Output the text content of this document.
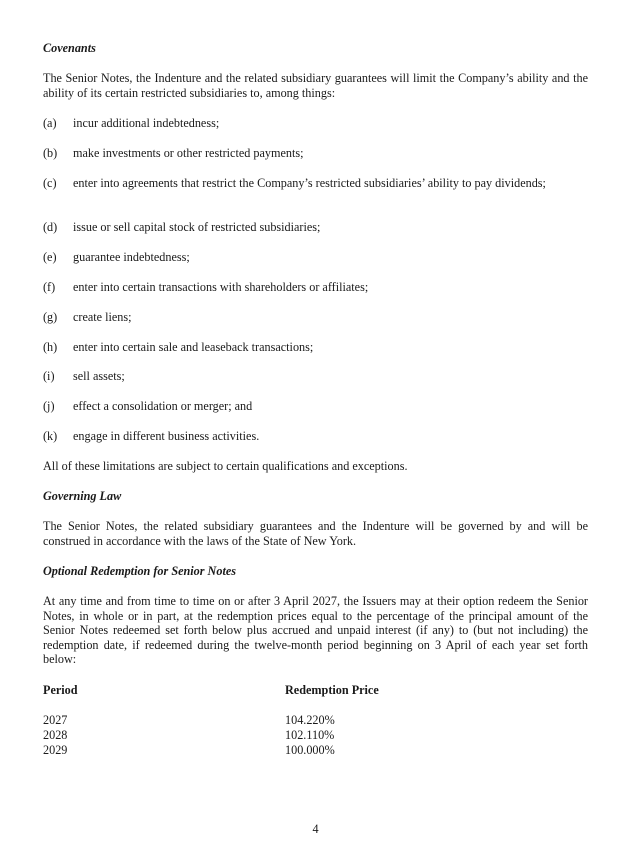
Covenants

The Senior Notes, the Indenture and the related subsidiary guarantees will limit the Company’s ability and the ability of its certain restricted subsidiaries to, among things:

(a) incur additional indebtedness;
(b) make investments or other restricted payments;
(c) enter into agreements that restrict the Company’s restricted subsidiaries’ ability to pay dividends;
(d) issue or sell capital stock of restricted subsidiaries;
(e) guarantee indebtedness;
(f) enter into certain transactions with shareholders or affiliates;
(g) create liens;
(h) enter into certain sale and leaseback transactions;
(i) sell assets;
(j) effect a consolidation or merger; and
(k) engage in different business activities.

All of these limitations are subject to certain qualifications and exceptions.

Governing Law

The Senior Notes, the related subsidiary guarantees and the Indenture will be governed by and will be construed in accordance with the laws of the State of New York.

Optional Redemption for Senior Notes

At any time and from time to time on or after 3 April 2027, the Issuers may at their option redeem the Senior Notes, in whole or in part, at the redemption prices equal to the percentage of the principal amount of the Senior Notes redeemed set forth below plus accrued and unpaid interest (if any) to (but not including) the redemption date, if redeemed during the twelve-month period beginning on 3 April of each year set forth below:

Period	Redemption Price
2027	104.220%
2028	102.110%
2029	100.000%
4
